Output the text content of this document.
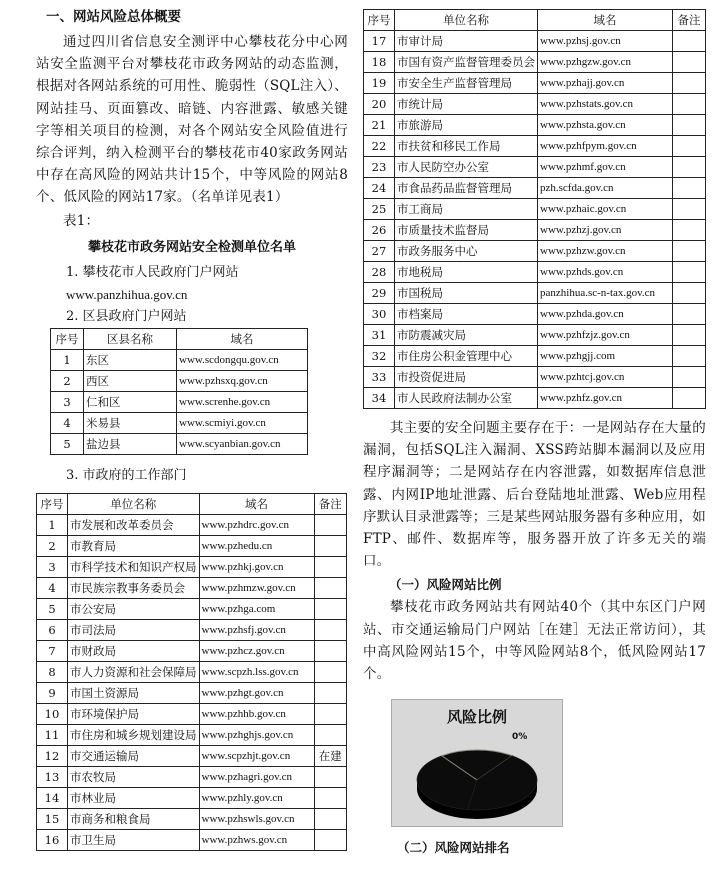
一、网站风险总体概要

通过四川省信息安全测评中心攀枝花分中心网站安全监测平台对攀枝花市政务网站的动态监测，根据对各网站系统的可用性、脆弱性（SQL注入）、网站挂马、页面篡改、暗链、内容泄露、敏感关键字等相关项目的检测，对各个网站安全风险值进行综合评判，纳入检测平台的攀枝花市40家政务网站中存在高风险的网站共计15个，中等风险的网站8个、低风险的网站17家。（名单详见表1）

表1：

攀枝花市政务网站安全检测单位名单

1. 攀枝花市人民政府门户网站

www.panzhihua.gov.cn

2. 区县政府门户网站

序号	区县名称	域名
1	东区	www.scdongqu.gov.cn
2	西区	www.pzhsxq.gov.cn
3	仁和区	www.screnhe.gov.cn
4	米易县	www.scmiyi.gov.cn
5	盐边县	www.scyanbian.gov.cn

3. 市政府的工作部门

序号	单位名称	域名	备注
1	市发展和改革委员会	www.pzhdrc.gov.cn	
2	市教育局	www.pzhedu.cn	
3	市科学技术和知识产权局	www.pzhkj.gov.cn	
4	市民族宗教事务委员会	www.pzhmzw.gov.cn	
5	市公安局	www.pzhga.com	
6	市司法局	www.pzhsfj.gov.cn	
7	市财政局	www.pzhcz.gov.cn	
8	市人力资源和社会保障局	www.scpzh.lss.gov.cn	
9	市国土资源局	www.pzhgt.gov.cn	
10	市环境保护局	www.pzhhb.gov.cn	
11	市住房和城乡规划建设局	www.pzhghjs.gov.cn	
12	市交通运输局	www.scpzhjt.gov.cn	在建
13	市农牧局	www.pzhagri.gov.cn	
14	市林业局	www.pzhly.gov.cn	
15	市商务和粮食局	www.pzhswls.gov.cn	
16	市卫生局	www.pzhws.gov.cn	
序号	单位名称	域名	备注
17	市审计局	www.pzhsj.gov.cn	
18	市国有资产监督管理委员会	www.pzhgzw.gov.cn	
19	市安全生产监督管理局	www.pzhajj.gov.cn	
20	市统计局	www.pzhstats.gov.cn	
21	市旅游局	www.pzhsta.gov.cn	
22	市扶贫和移民工作局	www.pzhfpym.gov.cn	
23	市人民防空办公室	www.pzhmf.gov.cn	
24	市食品药品监督管理局	pzh.scfda.gov.cn	
25	市工商局	www.pzhaic.gov.cn	
26	市质量技术监督局	www.pzhzj.gov.cn	
27	市政务服务中心	www.pzhzw.gov.cn	
28	市地税局	www.pzhds.gov.cn	
29	市国税局	panzhihua.sc-n-tax.gov.cn	
30	市档案局	www.pzhda.gov.cn	
31	市防震减灾局	www.pzhfzjz.gov.cn	
32	市住房公积金管理中心	www.pzhgjj.com	
33	市投资促进局	www.pzhtcj.gov.cn	
34	市人民政府法制办公室	www.pzhfz.gov.cn	

其主要的安全问题主要存在于：一是网站存在大量的漏洞，包括SQL注入漏洞、XSS跨站脚本漏洞以及应用程序漏洞等；二是网站存在内容泄露，如数据库信息泄露、内网IP地址泄露、后台登陆地址泄露、Web应用程序默认目录泄露等；三是某些网站服务器有多种应用，如FTP、邮件、数据库等，服务器开放了许多无关的端口。

（一）风险网站比例

攀枝花市政务网站共有网站40个（其中东区门户网站、市交通运输局门户网站［在建］无法正常访问），其中高风险网站15个，中等风险网站8个，低风险网站17个。

风险比例
0%

（二）风险网站排名
